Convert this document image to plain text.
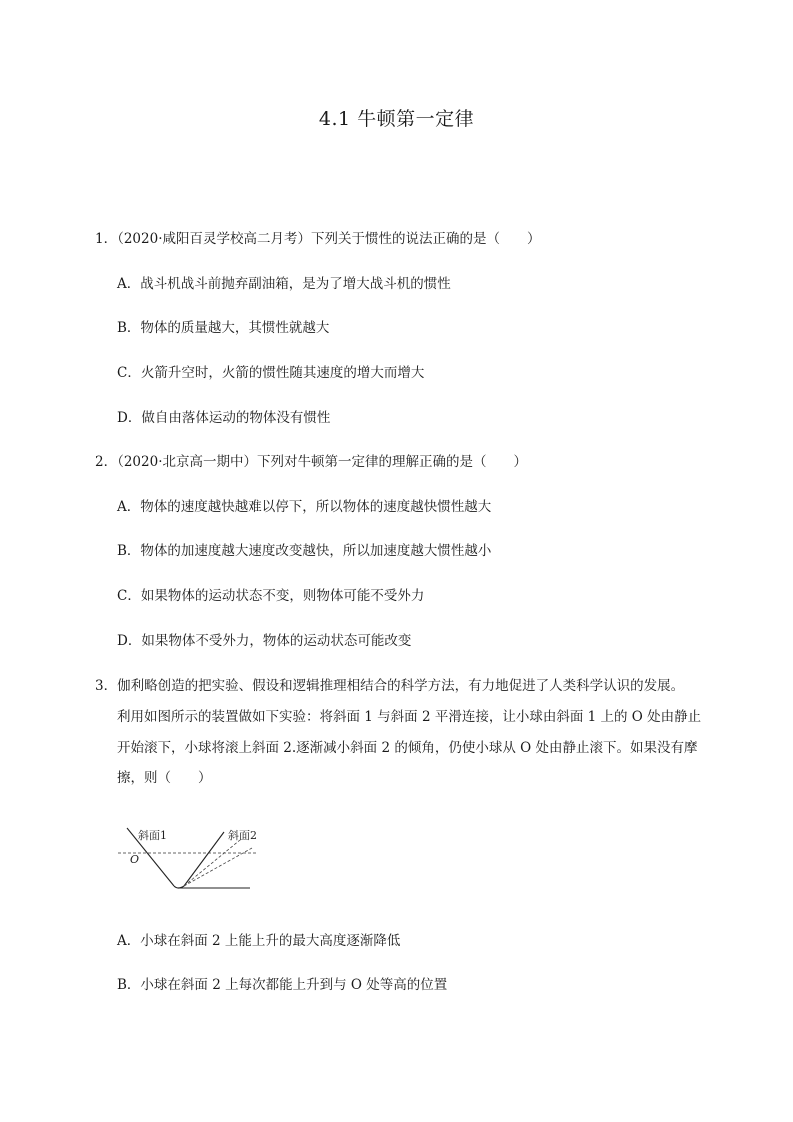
4.1 牛顿第一定律
1．（2020·咸阳百灵学校高二月考）下列关于惯性的说法正确的是（　　）
A．战斗机战斗前抛弃副油箱，是为了增大战斗机的惯性
B．物体的质量越大，其惯性就越大
C．火箭升空时，火箭的惯性随其速度的增大而增大
D．做自由落体运动的物体没有惯性
2．（2020·北京高一期中）下列对牛顿第一定律的理解正确的是（　　）
A．物体的速度越快越难以停下，所以物体的速度越快惯性越大
B．物体的加速度越大速度改变越快，所以加速度越大惯性越小
C．如果物体的运动状态不变，则物体可能不受外力
D．如果物体不受外力，物体的运动状态可能改变
3．伽利略创造的把实验、假设和逻辑推理相结合的科学方法，有力地促进了人类科学认识的发展。
利用如图所示的装置做如下实验：将斜面 1 与斜面 2 平滑连接，让小球由斜面 1 上的 O 处由静止
开始滚下，小球将滚上斜面 2.逐渐减小斜面 2 的倾角，仍使小球从 O 处由静止滚下。如果没有摩
擦，则（　　）
斜面1	斜面2
O
A．小球在斜面 2 上能上升的最大高度逐渐降低
B．小球在斜面 2 上每次都能上升到与 O 处等高的位置
